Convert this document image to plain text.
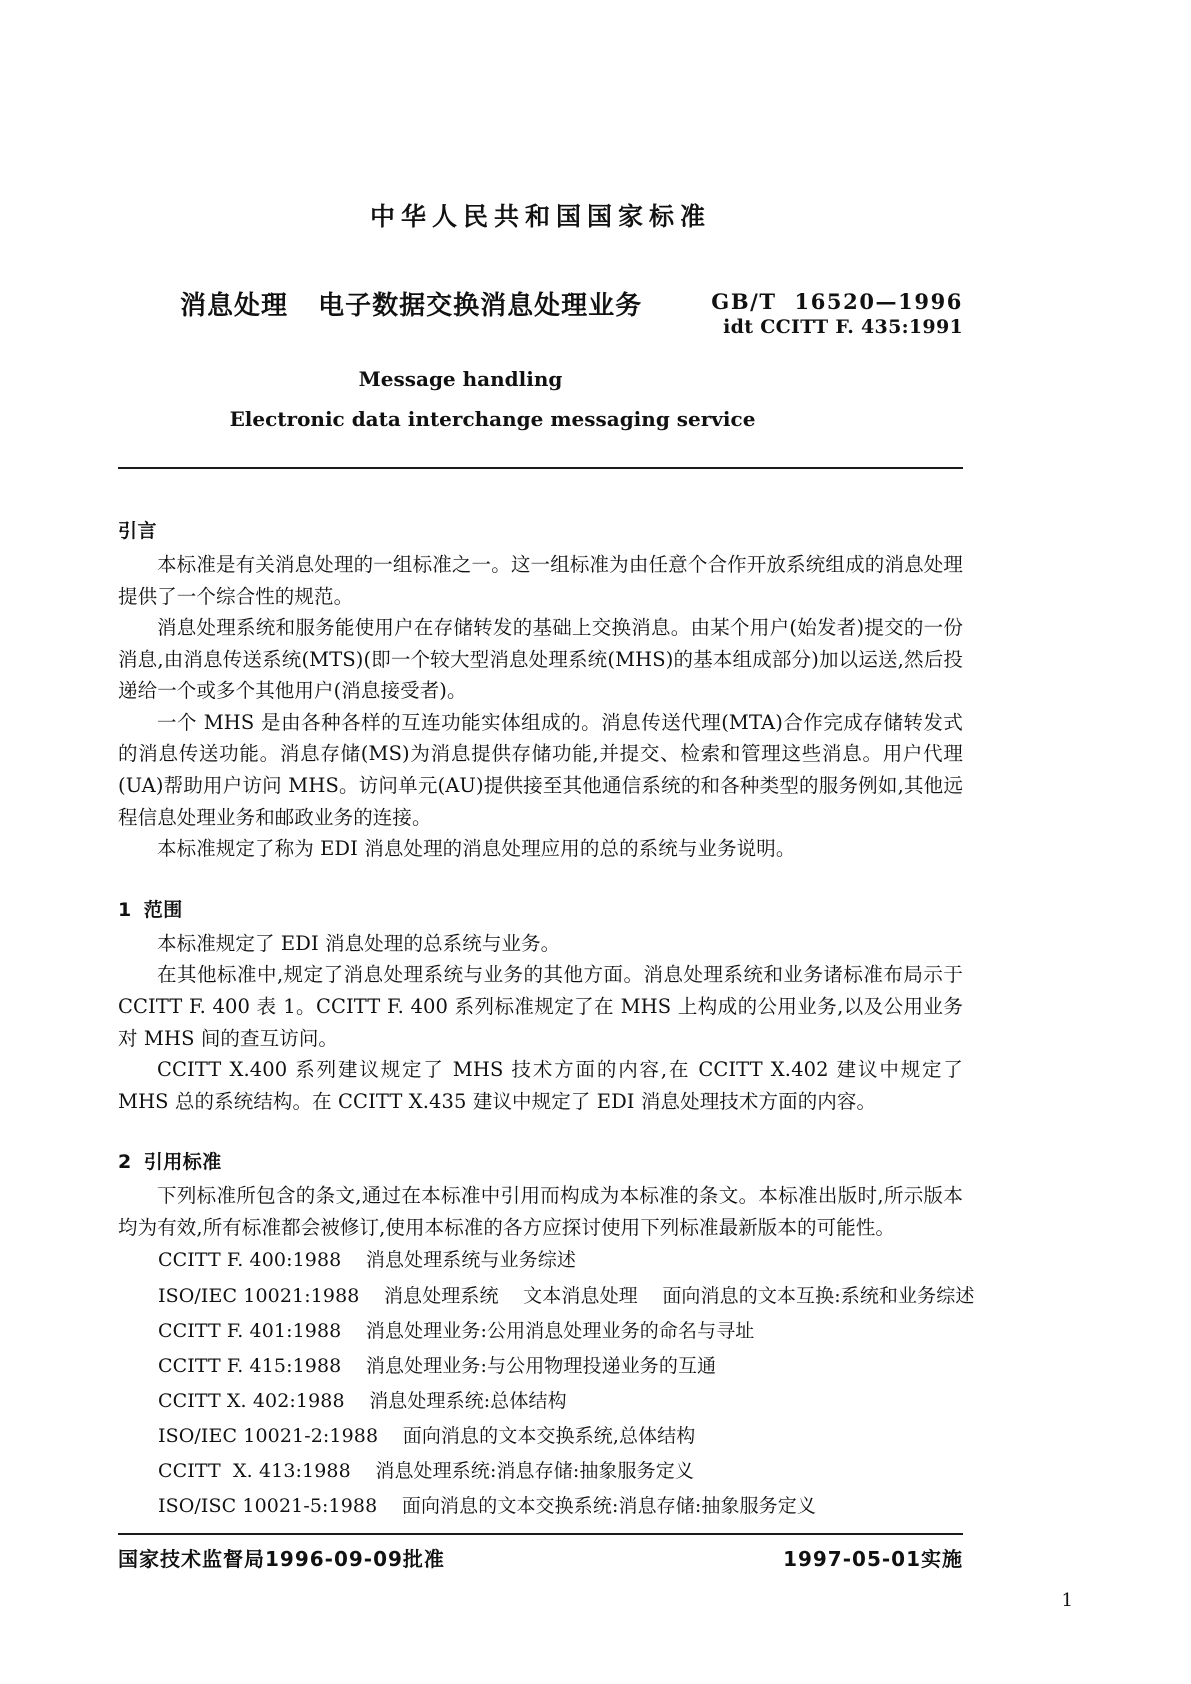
中华人民共和国国家标准
消息处理   电子数据交换消息处理业务	GB/T  16520—1996
idt CCITT F. 435:1991
Message handling
Electronic data interchange messaging service
引言

本标准是有关消息处理的一组标准之一。这一组标准为由任意个合作开放系统组成的消息处理提供了一个综合性的规范。

消息处理系统和服务能使用户在存储转发的基础上交换消息。由某个用户(始发者)提交的一份消息,由消息传送系统(MTS)(即一个较大型消息处理系统(MHS)的基本组成部分)加以运送,然后投递给一个或多个其他用户(消息接受者)。

一个 MHS 是由各种各样的互连功能实体组成的。消息传送代理(MTA)合作完成存储转发式的消息传送功能。消息存储(MS)为消息提供存储功能,并提交、检索和管理这些消息。用户代理(UA)帮助用户访问 MHS。访问单元(AU)提供接至其他通信系统的和各种类型的服务例如,其他远程信息处理业务和邮政业务的连接。

本标准规定了称为 EDI 消息处理的消息处理应用的总的系统与业务说明。

1 范围

本标准规定了 EDI 消息处理的总系统与业务。

在其他标准中,规定了消息处理系统与业务的其他方面。消息处理系统和业务诸标准布局示于 CCITT F. 400 表 1。CCITT F. 400 系列标准规定了在 MHS 上构成的公用业务,以及公用业务对 MHS 间的查互访问。

CCITT X.400 系列建议规定了 MHS 技术方面的内容,在 CCITT X.402 建议中规定了 MHS 总的系统结构。在 CCITT X.435 建议中规定了 EDI 消息处理技术方面的内容。

2 引用标准

下列标准所包含的条文,通过在本标准中引用而构成为本标准的条文。本标准出版时,所示版本均为有效,所有标准都会被修订,使用本标准的各方应探讨使用下列标准最新版本的可能性。

CCITT F. 400:1988    消息处理系统与业务综述
ISO/IEC 10021:1988    消息处理系统    文本消息处理    面向消息的文本互换:系统和业务综述
CCITT F. 401:1988    消息处理业务:公用消息处理业务的命名与寻址
CCITT F. 415:1988    消息处理业务:与公用物理投递业务的互通
CCITT X. 402:1988    消息处理系统:总体结构
ISO/IEC 10021-2:1988    面向消息的文本交换系统,总体结构
CCITT  X. 413:1988    消息处理系统:消息存储:抽象服务定义
ISO/ISC 10021-5:1988    面向消息的文本交换系统:消息存储:抽象服务定义
国家技术监督局1996-09-09批准	1997-05-01实施
1
